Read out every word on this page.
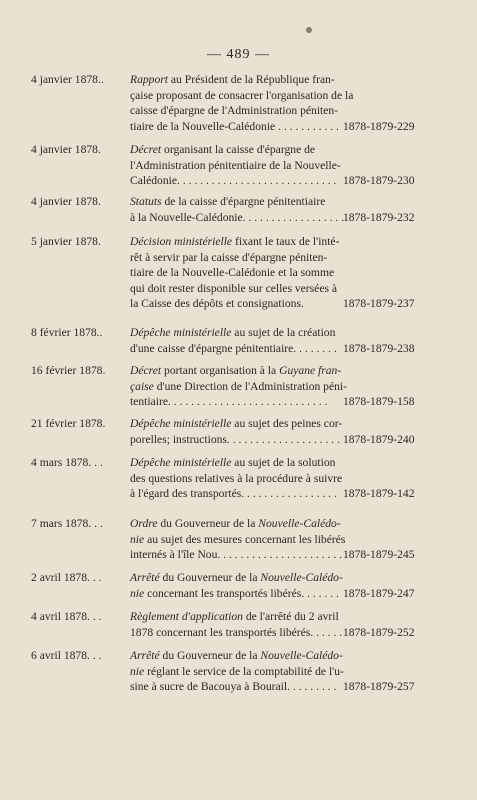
— 489 —
4 janvier 1878.. Rapport au Président de la République fran-
çaise proposant de consacrer l'organisation de la
caisse d'épargne de l'Administration péniten-
tiaire de la Nouvelle-Calédonie . . . . . . . . . . . 1878-1879-229
4 janvier 1878.	Décret organisant la caisse d'épargne de
l'Administration pénitentiaire de la Nouvelle-
Calédonie. . . . . . . . . . . . . . . . . . . . . . . . . . . . 1878-1879-230
4 janvier 1878.	Statuts de la caisse d'épargne pénitentiaire
à la Nouvelle-Calédonie. . . . . . . . . . . . . . . . . .
1878-1879-232
5 janvier 1878.	Décision ministérielle fixant le taux de l'inté-
rêt à servir par la caisse d'épargne péniten-
tiaire de la Nouvelle-Calédonie et la somme
qui doit rester disponible sur celles versées à
la Caisse des dépôts et consignations.	1878-1879-237
8 février 1878.. Dépêche ministérielle au sujet de la création
d'une caisse d'épargne pénitentiaire. . . . . . . . 1878-1879-238
16 février 1878. Décret portant organisation à la Guyane fran-
çaise d'une Direction de l'Administration péni-
tentiaire. . . . . . . . . . . . . . . . . . . . . . . . . . . . 1878-1879-158
21 février 1878. Dépêche ministérielle au sujet des peines cor-
porelles; instructions. . . . . . . . . . . . . . . . . . . . 1878-1879-240
4 mars 1878. . . Dépêche ministérielle au sujet de la solution
des questions relatives à la procédure à suivre
à l'égard des transportés. . . . . . . . . . . . . . . . . 1878-1879-142
7 mars 1878. . . Ordre du Gouverneur de la Nouvelle-Calédo-
nie au sujet des mesures concernant les libérés
internés à l'île Nou. . . . . . . . . . . . . . . . . . . . . . 1878-1879-245
2 avril 1878. . . Arrêté du Gouverneur de la Nouvelle-Calédo-
nie concernant les transportés libérés. . . . . . . 1878-1879-247
4 avril 1878. . . Règlement d'application de l'arrêté du 2 avril
1878 concernant les transportés libérés. . . . . . 1878-1879-252
6 avril 1878. . . Arrêté du Gouverneur de la Nouvelle-Calédo-
nie réglant le service de la comptabilité de l'u-
sine à sucre de Bacouya à Bourail. . . . . . . . . 1878-1879-257
